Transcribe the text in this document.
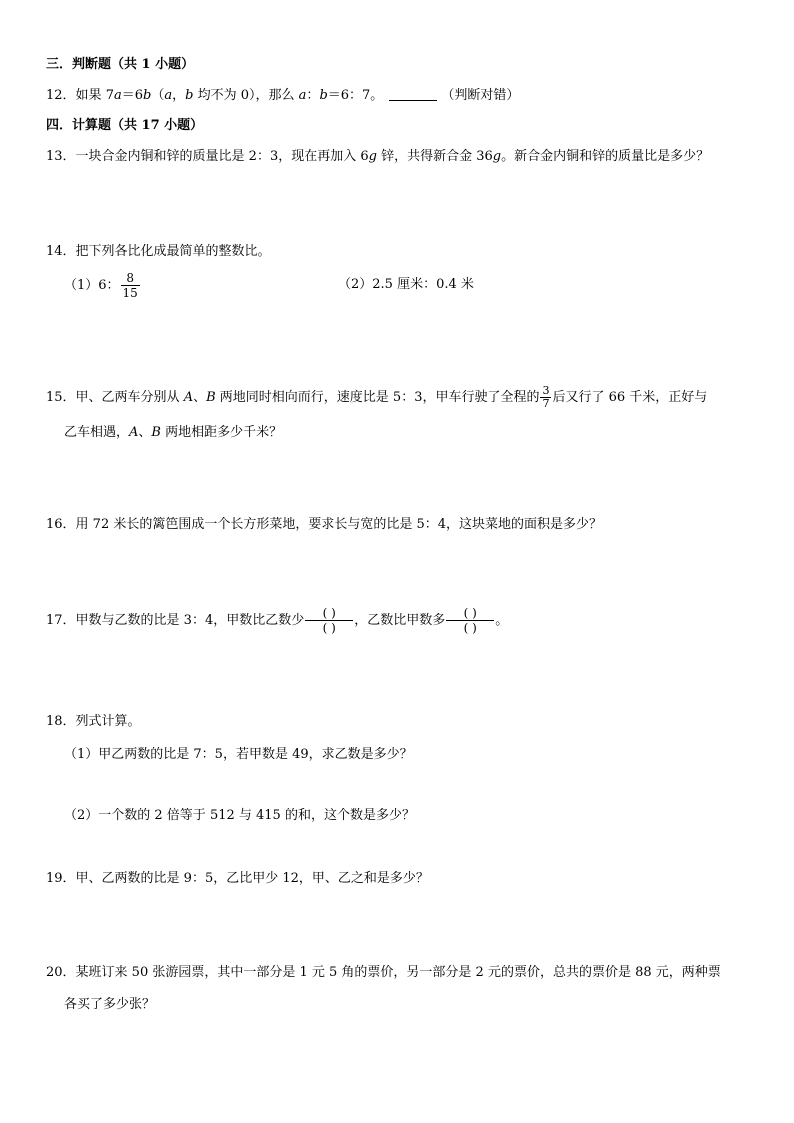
三．判断题（共 1 小题）
12．如果 7a＝6b（a，b 均不为 0），那么 a：b＝6：7。	（判断对错）
四．计算题（共 17 小题）
13．一块合金内铜和锌的质量比是 2：3，现在再加入 6g 锌，共得新合金 36g。新合金内铜和锌的质量比是多少？
14．把下列各比化成最简单的整数比。
（1）6： $\frac{8}{15}$	（2）2.5 厘米：0.4 米
15．甲、乙两车分别从 A、B 两地同时相向而行，速度比是 5：3，甲车行驶了全程的 $\frac{3}{7}$ 后又行了 66 千米，正好与
乙车相遇，A、B 两地相距多少千米？
16．用 72 米长的篱笆围成一个长方形菜地，要求长与宽的比是 5：4，这块菜地的面积是多少？
17．甲数与乙数的比是 3：4，甲数比乙数少 $\frac{( )}{( )}$ ，乙数比甲数多 $\frac{( )}{( )}$ 。
18．列式计算。
（1）甲乙两数的比是 7：5，若甲数是 49，求乙数是多少？
（2）一个数的 2 倍等于 512 与 415 的和，这个数是多少？
19．甲、乙两数的比是 9：5，乙比甲少 12，甲、乙之和是多少？
20．某班订来 50 张游园票，其中一部分是 1 元 5 角的票价，另一部分是 2 元的票价，总共的票价是 88 元，两种票
各买了多少张？
